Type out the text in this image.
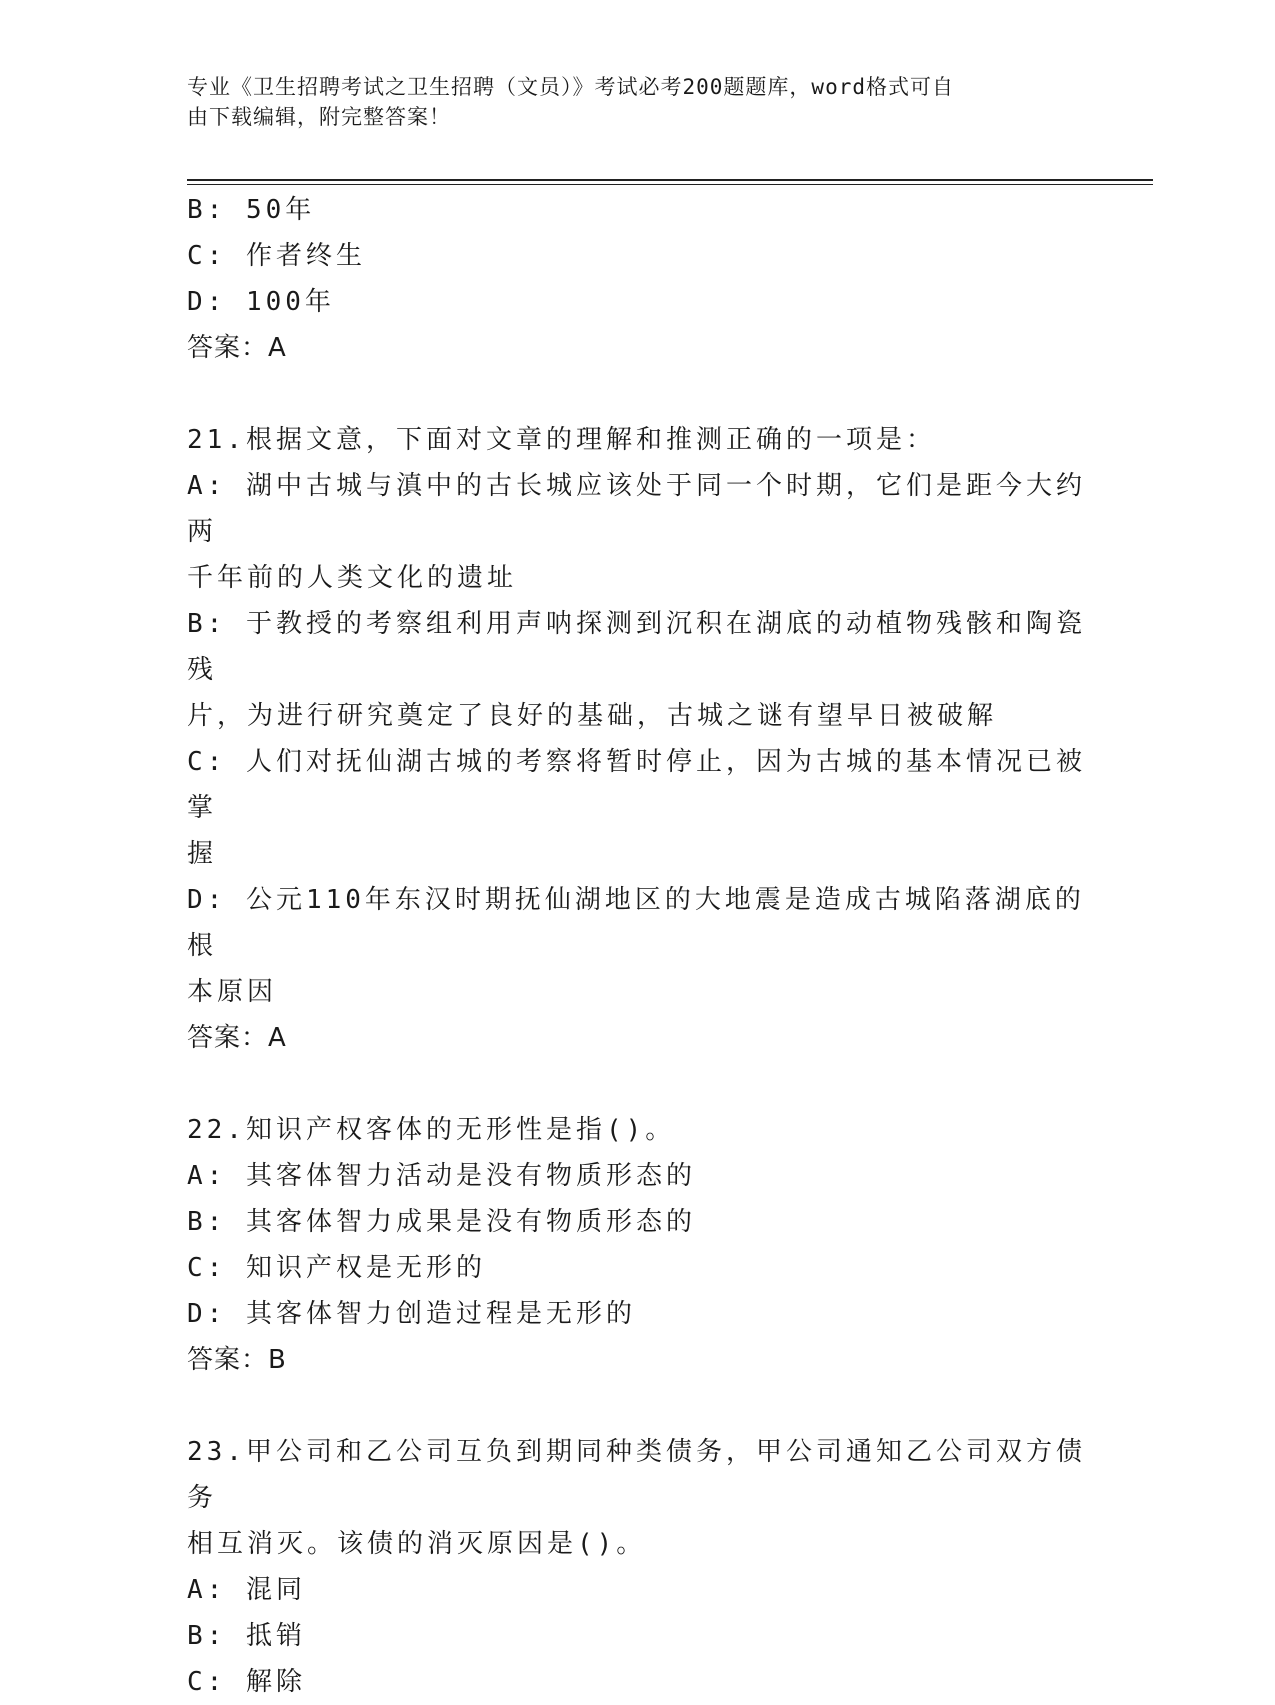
专业《卫生招聘考试之卫生招聘（文员）》考试必考200题题库，word格式可自
由下载编辑，附完整答案！
B: 50年
C: 作者终生
D: 100年
答案：A
21.根据文意，下面对文章的理解和推测正确的一项是：
A: 湖中古城与滇中的古长城应该处于同一个时期，它们是距今大约两
千年前的人类文化的遗址
B: 于教授的考察组利用声呐探测到沉积在湖底的动植物残骸和陶瓷残
片，为进行研究奠定了良好的基础，古城之谜有望早日被破解
C: 人们对抚仙湖古城的考察将暂时停止，因为古城的基本情况已被掌
握
D: 公元110年东汉时期抚仙湖地区的大地震是造成古城陷落湖底的根
本原因
答案：A
22.知识产权客体的无形性是指()。
A: 其客体智力活动是没有物质形态的
B: 其客体智力成果是没有物质形态的
C: 知识产权是无形的
D: 其客体智力创造过程是无形的
答案：B
23.甲公司和乙公司互负到期同种类债务，甲公司通知乙公司双方债务
相互消灭。该债的消灭原因是()。
A: 混同
B: 抵销
C: 解除
